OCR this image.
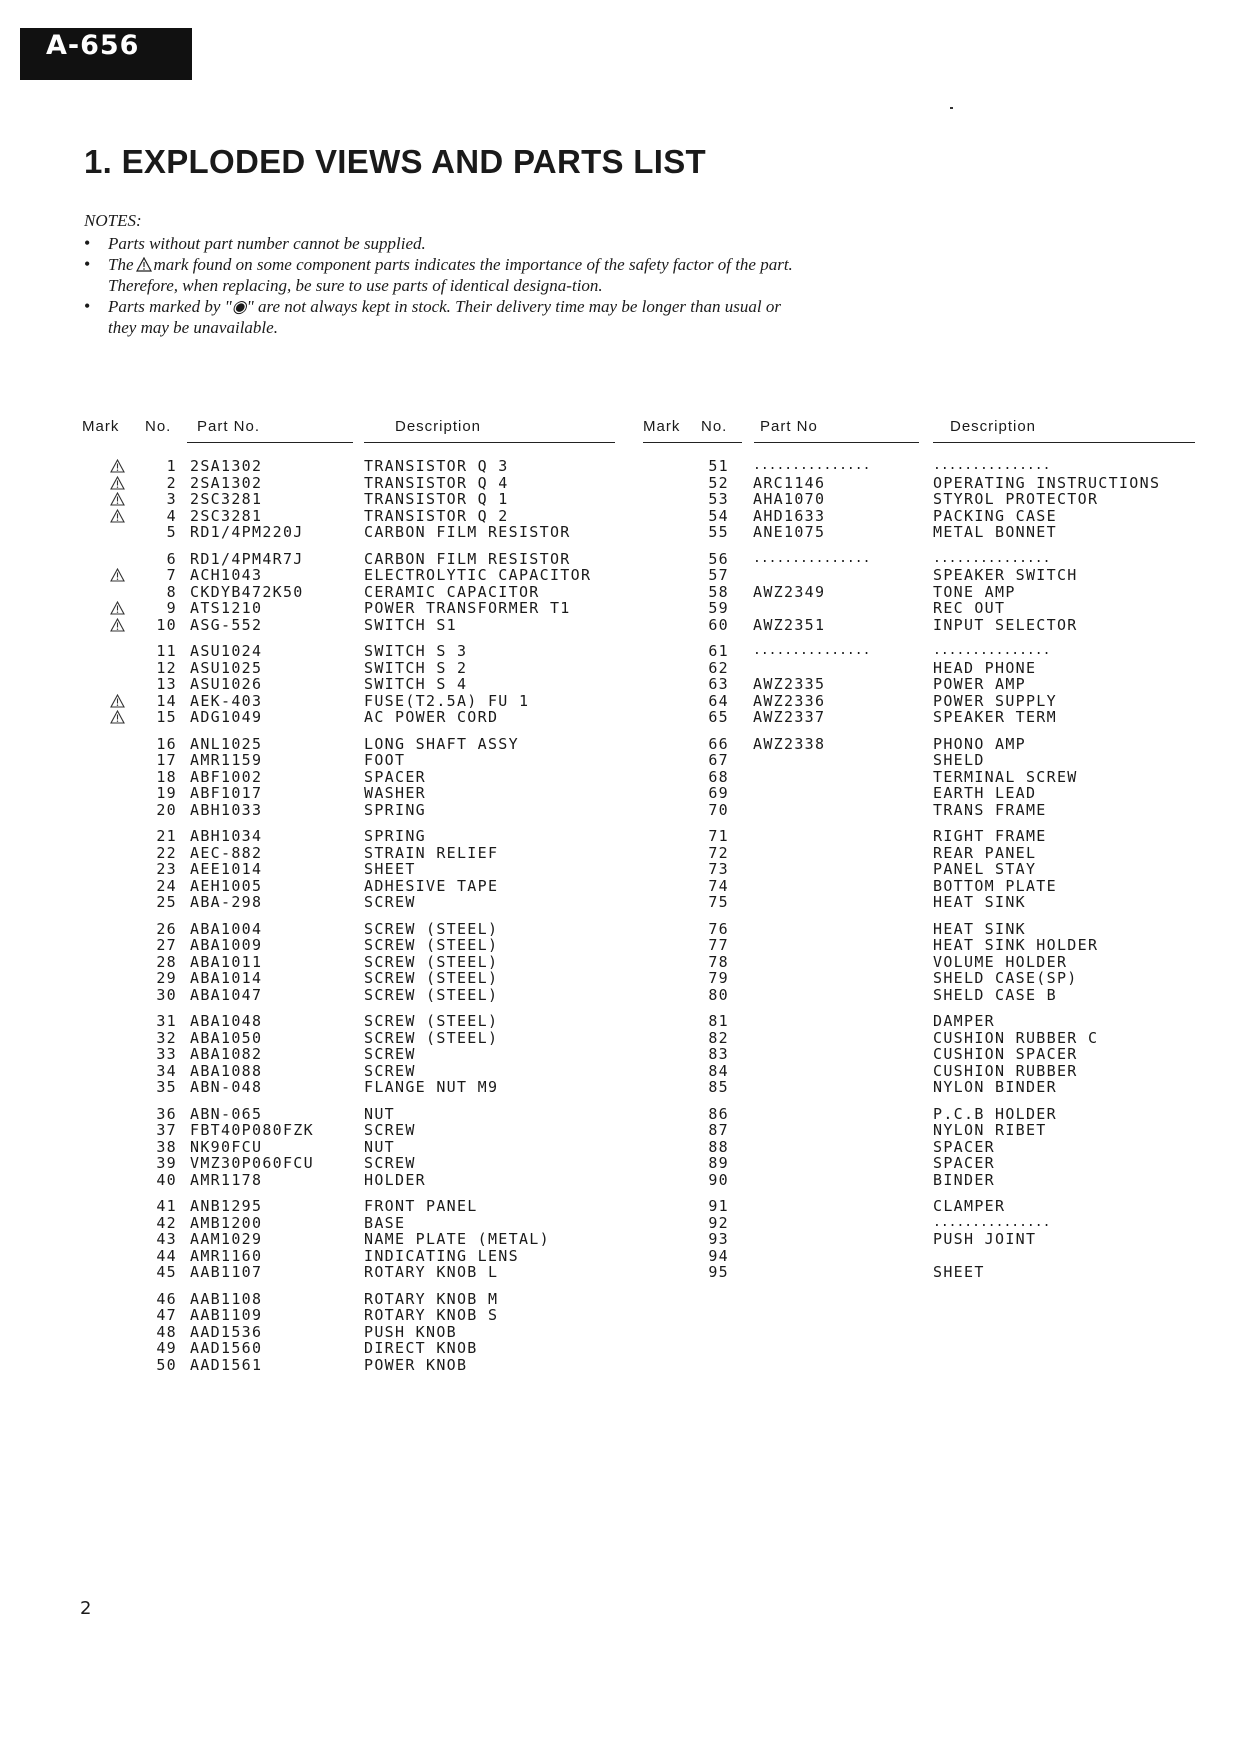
A-656
1. EXPLODED VIEWS AND PARTS LIST
NOTES:
• Parts without part number cannot be supplied.
• The mark found on some component parts indicates the importance of the safety factor of the part. Therefore, when replacing, be sure to use parts of identical designa-tion.
• Parts marked by "◉" are not always kept in stock. Their delivery time may be longer than usual or they may be unavailable.
Mark No. Part No.	Description
1 2SA1302	TRANSISTOR Q 3
2 2SA1302	TRANSISTOR Q 4
3 2SC3281	TRANSISTOR Q 1
4 2SC3281	TRANSISTOR Q 2
5 RD1/4PM220J	CARBON FILM RESISTOR
6 RD1/4PM4R7J	CARBON FILM RESISTOR
7 ACH1043	ELECTROLYTIC CAPACITOR
8 CKDYB472K50	CERAMIC CAPACITOR
9 ATS1210	POWER TRANSFORMER T1
10 ASG-552	SWITCH S1
11 ASU1024	SWITCH S 3
12 ASU1025	SWITCH S 2
13 ASU1026	SWITCH S 4
14 AEK-403	FUSE(T2.5A) FU 1
15 ADG1049	AC POWER CORD
16 ANL1025	LONG SHAFT ASSY
17 AMR1159	FOOT
18 ABF1002	SPACER
19 ABF1017	WASHER
20 ABH1033	SPRING
21 ABH1034	SPRING
22 AEC-882	STRAIN RELIEF
23 AEE1014	SHEET
24 AEH1005	ADHESIVE TAPE
25 ABA-298	SCREW
26 ABA1004	SCREW (STEEL)
27 ABA1009	SCREW (STEEL)
28 ABA1011	SCREW (STEEL)
29 ABA1014	SCREW (STEEL)
30 ABA1047	SCREW (STEEL)
31 ABA1048	SCREW (STEEL)
32 ABA1050	SCREW (STEEL)
33 ABA1082	SCREW
34 ABA1088	SCREW
35 ABN-048	FLANGE NUT M9
36 ABN-065	NUT
37 FBT40P080FZK	SCREW
38 NK90FCU	NUT
39 VMZ30P060FCU	SCREW
40 AMR1178	HOLDER
41 ANB1295	FRONT PANEL
42 AMB1200	BASE
43 AAM1029	NAME PLATE (METAL)
44 AMR1160	INDICATING LENS
45 AAB1107	ROTARY KNOB L
46 AAB1108	ROTARY KNOB M
47 AAB1109	ROTARY KNOB S
48 AAD1536	PUSH KNOB
49 AAD1560	DIRECT KNOB
50 AAD1561	POWER KNOB
Mark No. Part No	Description
51 ...............	...............
52 ARC1146	OPERATING INSTRUCTIONS
53 AHA1070	STYROL PROTECTOR
54 AHD1633	PACKING CASE
55 ANE1075	METAL BONNET
56 ...............	...............
57	SPEAKER SWITCH
58 AWZ2349	TONE AMP
59	REC OUT
60 AWZ2351	INPUT SELECTOR
61 ...............	...............
62	HEAD PHONE
63 AWZ2335	POWER AMP
64 AWZ2336	POWER SUPPLY
65 AWZ2337	SPEAKER TERM
66 AWZ2338	PHONO AMP
67	SHELD
68	TERMINAL SCREW
69	EARTH LEAD
70	TRANS FRAME
71	RIGHT FRAME
72	REAR PANEL
73	PANEL STAY
74	BOTTOM PLATE
75	HEAT SINK
76	HEAT SINK
77	HEAT SINK HOLDER
78	VOLUME HOLDER
79	SHELD CASE(SP)
80	SHELD CASE B
81	DAMPER
82	CUSHION RUBBER C
83	CUSHION SPACER
84	CUSHION RUBBER
85	NYLON BINDER
86	P.C.B HOLDER
87	NYLON RIBET
88	SPACER
89	SPACER
90	BINDER
91	CLAMPER
92	...............
93	PUSH JOINT
94
95	SHEET
2
